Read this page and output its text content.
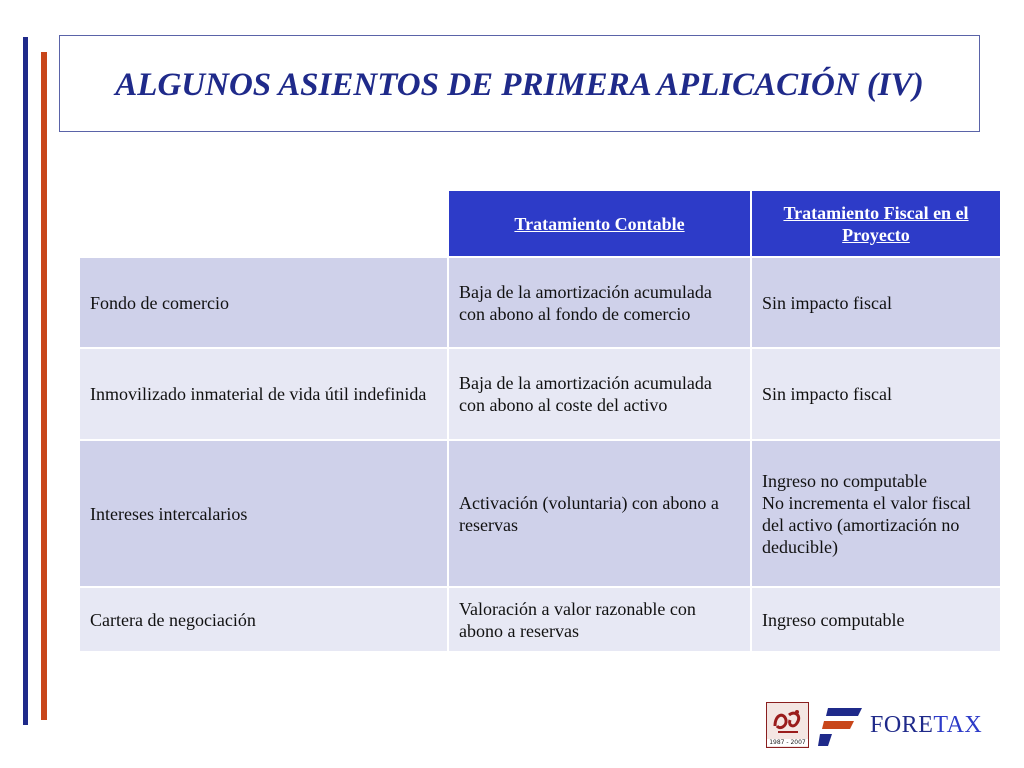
ALGUNOS ASIENTOS DE PRIMERA APLICACIÓN (IV)
	Tratamiento Contable	Tratamiento Fiscal en el Proyecto
Fondo de comercio	Baja de la amortización acumulada con abono al fondo de comercio	Sin impacto fiscal

Inmovilizado inmaterial de vida útil indefinida	Baja de la amortización acumulada con abono al coste del activo	Sin impacto fiscal

Intereses intercalarios	Activación (voluntaria) con abono a reservas	Ingreso no computable
No incrementa el valor fiscal del activo (amortización no deducible)

Cartera de negociación	Valoración a valor razonable con abono a reservas	Ingreso computable
1987 - 2007
FORETAX
